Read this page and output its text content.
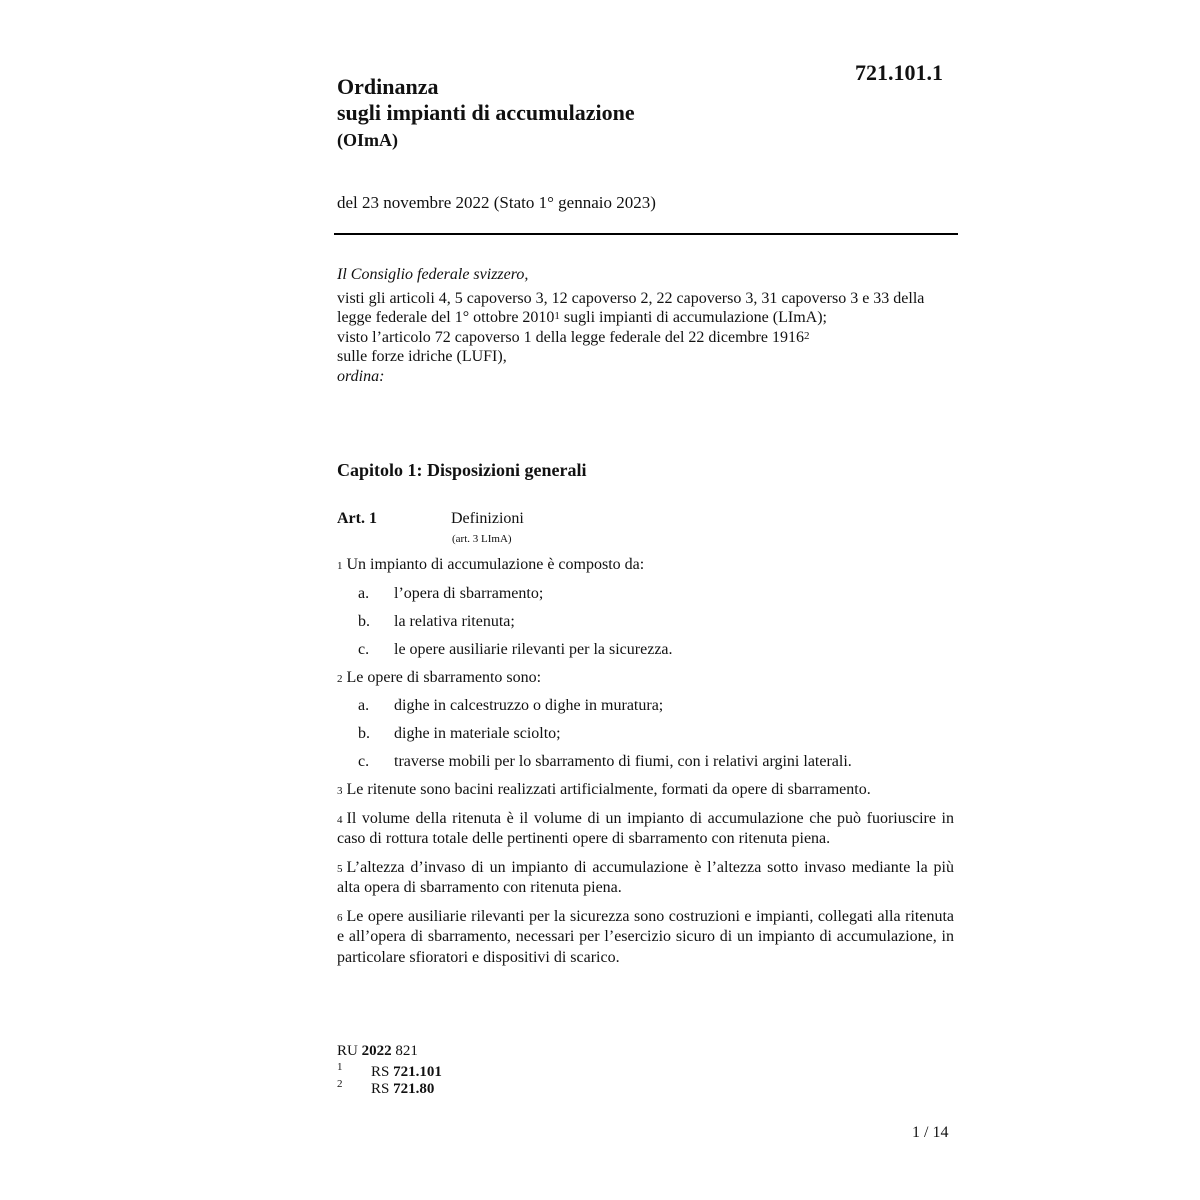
721.101.1
Ordinanza
sugli impianti di accumulazione
(OImA)
del 23 novembre 2022 (Stato 1° gennaio 2023)
Il Consiglio federale svizzero,
visti gli articoli 4, 5 capoverso 3, 12 capoverso 2, 22 capoverso 3, 31 capoverso 3 e 33 della legge federale del 1° ottobre 2010$^1$ sugli impianti di accumulazione (LImA);
visto l’articolo 72 capoverso 1 della legge federale del 22 dicembre 1916$^2$
sulle forze idriche (LUFI),
ordina:
Capitolo 1: Disposizioni generali
Art. 1	Definizioni
(art. 3 LImA)

$^1$ Un impianto di accumulazione è composto da:

a. l’opera di sbarramento;
b. la relativa ritenuta;
c. le opere ausiliarie rilevanti per la sicurezza.

$^2$ Le opere di sbarramento sono:

a. dighe in calcestruzzo o dighe in muratura;
b. dighe in materiale sciolto;
c. traverse mobili per lo sbarramento di fiumi, con i relativi argini laterali.

$^3$ Le ritenute sono bacini realizzati artificialmente, formati da opere di sbarramento.

$^4$ Il volume della ritenuta è il volume di un impianto di accumulazione che può fuoriuscire in caso di rottura totale delle pertinenti opere di sbarramento con ritenuta piena.

$^5$ L’altezza d’invaso di un impianto di accumulazione è l’altezza sotto invaso mediante la più alta opera di sbarramento con ritenuta piena.

$^6$ Le opere ausiliarie rilevanti per la sicurezza sono costruzioni e impianti, collegati alla ritenuta e all’opera di sbarramento, necessari per l’esercizio sicuro di un impianto di accumulazione, in particolare sfioratori e dispositivi di scarico.

RU 2022 821
1 RS 721.101
2 RS 721.80
1 / 14
